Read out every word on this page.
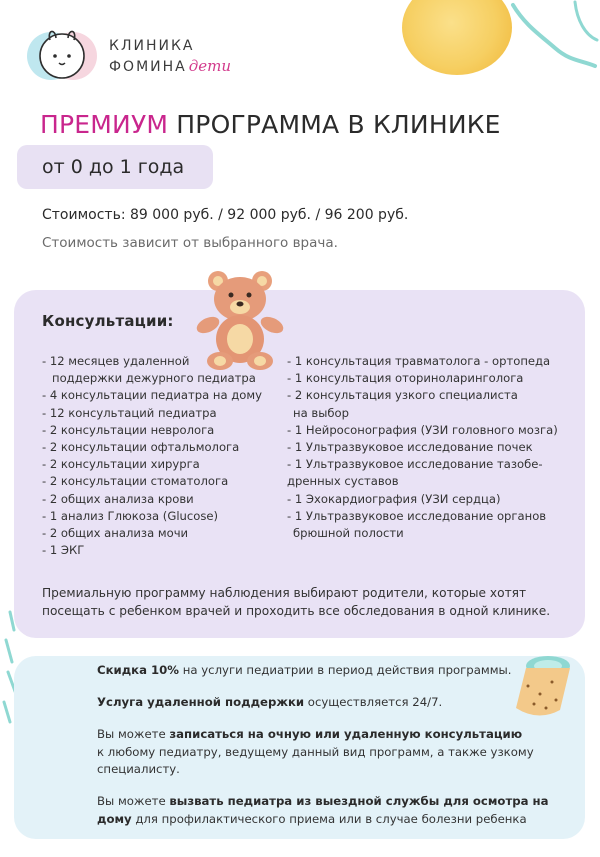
КЛИНИКА
ФОМИНА дети
ПРЕМИУМ ПРОГРАММА В КЛИНИКЕ
от 0 до 1 года
Стоимость: 89 000 руб. / 92 000 руб. / 96 200 руб.
Стоимость зависит от выбранного врача.
Консультации:
- 12 месяцев удаленной
поддержки дежурного педиатра
- 4 консультации педиатра на дому
- 12 консультаций педиатра
- 2 консультации невролога
- 2 консультации офтальмолога
- 2 консультации хирурга
- 2 консультации стоматолога
- 2 общих анализа крови
- 1 анализ Глюкоза (Glucose)
- 2 общих анализа мочи
- 1 ЭКГ
- 1 консультация травматолога - ортопеда
- 1 консультация оториноларинголога
- 2 консультация узкого специалиста
на выбор
- 1 Нейросонография (УЗИ головного мозга)
- 1 Ультразвуковое исследование почек
- 1 Ультразвуковое исследование тазобе-
дренных суставов
- 1 Эхокардиография (УЗИ сердца)
- 1 Ультразвуковое исследование органов
брюшной полости
Премиальную программу наблюдения выбирают родители, которые хотят
посещать с ребенком врачей и проходить все обследования в одной клинике.
Скидка 10% на услуги педиатрии в период действия программы.
Услуга удаленной поддержки осуществляется 24/7.
Вы можете записаться на очную или удаленную консультацию
к любому педиатру, ведущему данный вид программ, а также узкому
специалисту.
Вы можете вызвать педиатра из выездной службы для осмотра на
дому для профилактического приема или в случае болезни ребенка
